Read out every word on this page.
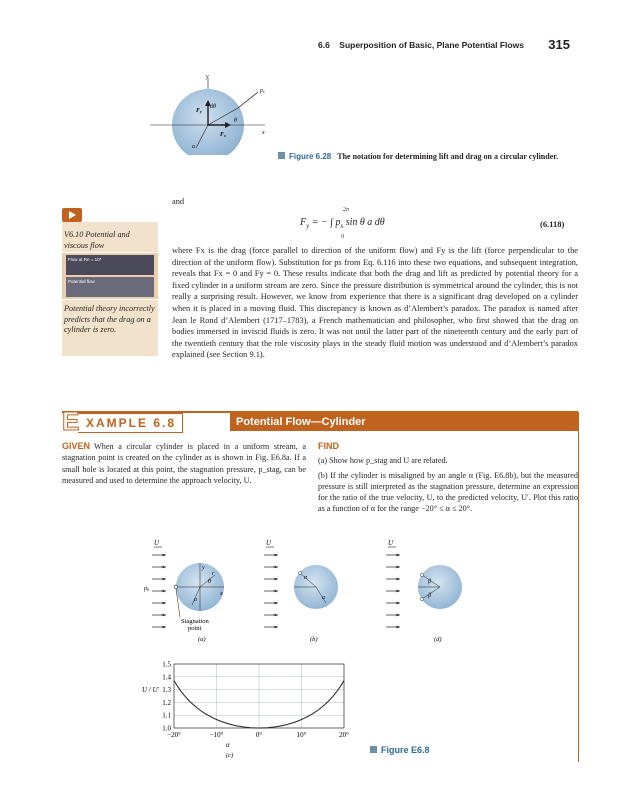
6.6 Superposition of Basic, Plane Potential Flows 315
y
ps
dθ
θ
Fy
Fx	x
a
Figure 6.28 The notation for determining lift and drag on a circular cylinder.
and
$F_y$ = − ∫ $p_s$ sin θ a dθ
2π
0
(6.118)
V6.10 Potential and viscous flow
Flow at Re = 10⁵
Potential flow
Potential theory incorrectly predicts that the drag on a cylinder is zero.
where Fx is the drag (force parallel to direction of the uniform flow) and Fy is the lift (force perpendicular to the direction of the uniform flow). Substitution for ps from Eq. 6.116 into these two equations, and subsequent integration, reveals that Fx = 0 and Fy = 0. These results indicate that both the drag and lift as predicted by potential theory for a fixed cylinder in a uniform stream are zero. Since the pressure distribution is symmetrical around the cylinder, this is not really a surprising result. However, we know from experience that there is a significant drag developed on a cylinder when it is placed in a moving fluid. This discrepancy is known as d’Alembert’s paradox. The paradox is named after Jean le Rond d’Alembert (1717–1783), a French mathematician and philosopher, who first showed that the drag on bodies immersed in inviscid fluids is zero. It was not until the latter part of the nineteenth century and the early part of the twentieth century that the role viscosity plays in the steady fluid motion was understood and d’Alembert’s paradox explained (see Section 9.1).
XAMPLE 6.8
E	Potential Flow—Cylinder
GIVEN When a circular cylinder is placed in a uniform stream, a stagnation point is created on the cylinder as is shown in Fig. E6.8a. If a small hole is located at this point, the stagnation pressure, p_stag, can be measured and used to determine the approach velocity, U.
FIND
(a) Show how p_stag and U are related.
(b) If the cylinder is misaligned by an angle α (Fig. E6.8b), but the measured pressure is still interpreted as the stagnation pressure, determine an expression for the ratio of the true velocity, U, to the predicted velocity, U′. Plot this ratio as a function of α for the range −20° ≤ α ≤ 20°.
U
p0
y
r
θ
a
x
Stagnation
point
(a)
U
α
a
(b)
U
β
β
(d)
1.0
1.1
1.2
1.3
1.4
1.5
−20°	−10°	0°	10°	20°
U / U′
α
(c)
Figure E6.8
